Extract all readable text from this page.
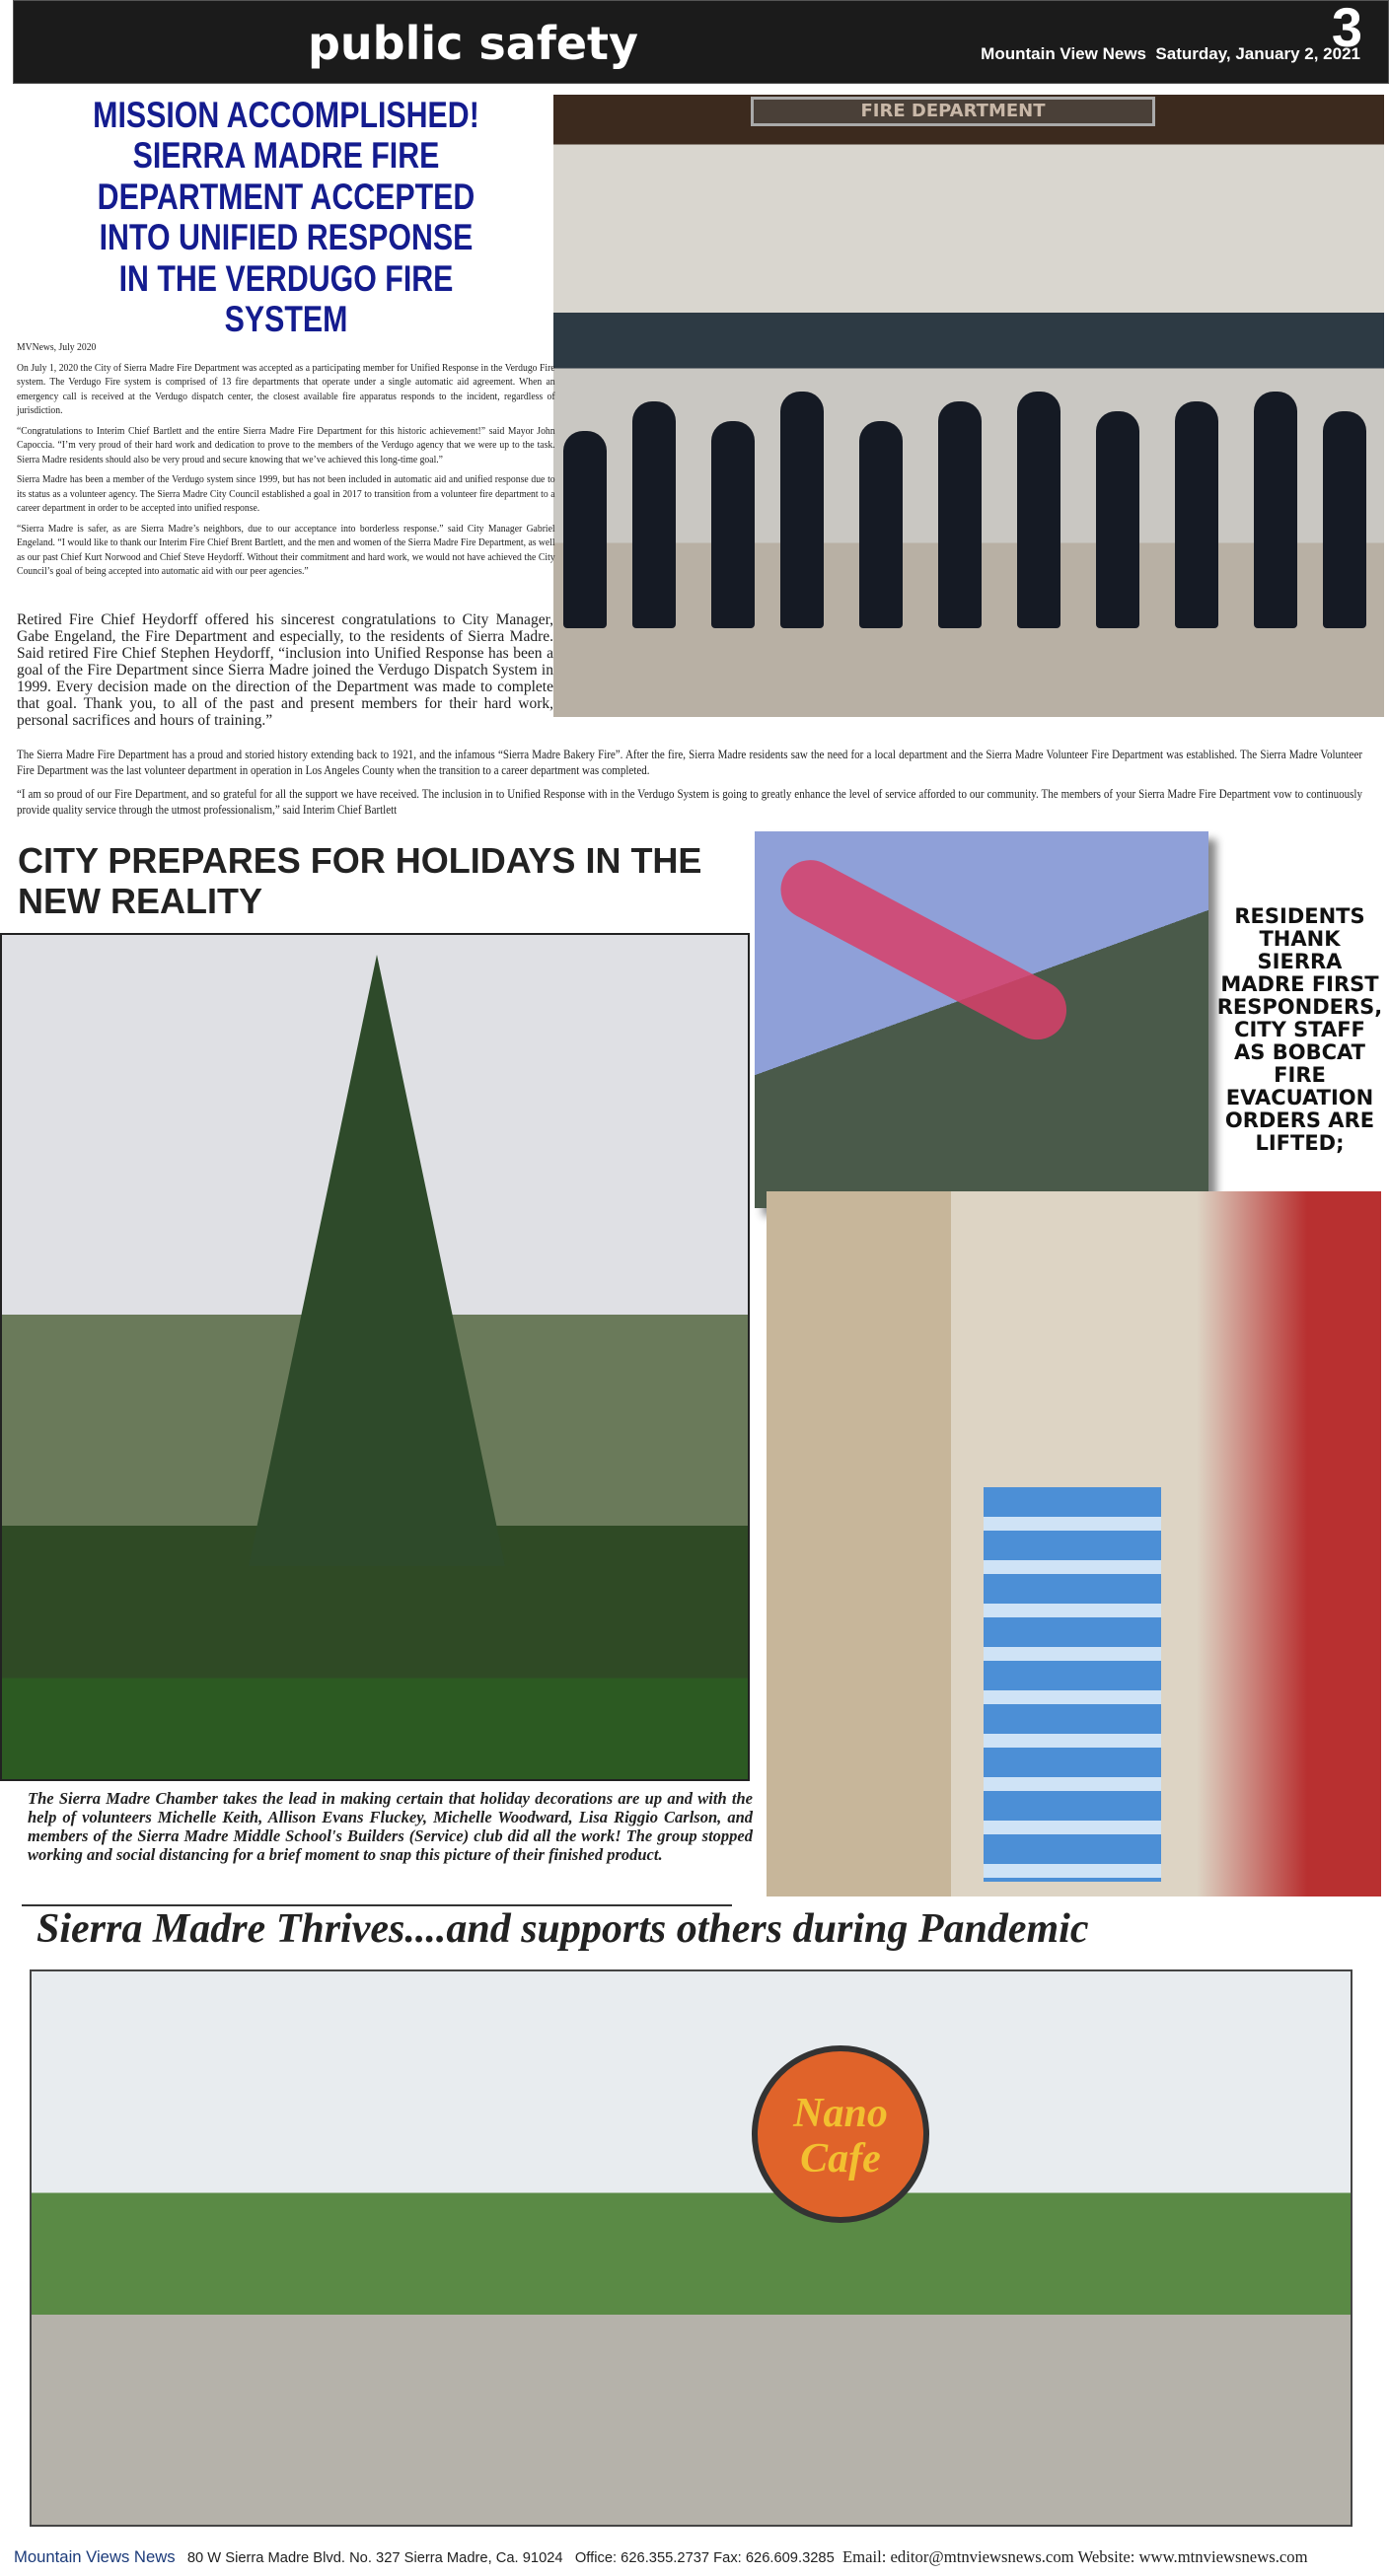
public safety	3
Mountain View News Saturday, January 2, 2021
MISSION ACCOMPLISHED! SIERRA MADRE FIRE DEPARTMENT ACCEPTED INTO UNIFIED RESPONSE IN THE VERDUGO FIRE SYSTEM
FIRE DEPARTMENT

MVNews, July 2020

On July 1, 2020 the City of Sierra Madre Fire Department was accepted as a participating member for Unified Response in the Verdugo Fire system. The Verdugo Fire system is comprised of 13 fire departments that operate under a single automatic aid agreement. When an emergency call is received at the Verdugo dispatch center, the closest available fire apparatus responds to the incident, regardless of jurisdiction.

“Congratulations to Interim Chief Bartlett and the entire Sierra Madre Fire Department for this historic achievement!” said Mayor John Capoccia. “I’m very proud of their hard work and dedication to prove to the members of the Verdugo agency that we were up to the task. Sierra Madre residents should also be very proud and secure knowing that we’ve achieved this long-time goal.”

Sierra Madre has been a member of the Verdugo system since 1999, but has not been included in automatic aid and unified response due to its status as a volunteer agency. The Sierra Madre City Council established a goal in 2017 to transition from a volunteer fire department to a career department in order to be accepted into unified response.

“Sierra Madre is safer, as are Sierra Madre’s neighbors, due to our acceptance into borderless response.” said City Manager Gabriel Engeland. “I would like to thank our Interim Fire Chief Brent Bartlett, and the men and women of the Sierra Madre Fire Department, as well as our past Chief Kurt Norwood and Chief Steve Heydorff. Without their commitment and hard work, we would not have achieved the City Council’s goal of being accepted into automatic aid with our peer agencies.”

Retired Fire Chief Heydorff offered his sincerest congratulations to City Manager, Gabe Engeland, the Fire Department and especially, to the residents of Sierra Madre. Said retired Fire Chief Stephen Heydorff, “inclusion into Unified Response has been a goal of the Fire Department since Sierra Madre joined the Verdugo Dispatch System in 1999. Every decision made on the direction of the Department was made to complete that goal. Thank you, to all of the past and present members for their hard work, personal sacrifices and hours of training.”

The Sierra Madre Fire Department has a proud and storied history extending back to 1921, and the infamous “Sierra Madre Bakery Fire”. After the fire, Sierra Madre residents saw the need for a local department and the Sierra Madre Volunteer Fire Department was established. The Sierra Madre Volunteer Fire Department was the last volunteer department in operation in Los Angeles County when the transition to a career department was completed.

“I am so proud of our Fire Department, and so grateful for all the support we have received. The inclusion in to Unified Response with in the Verdugo System is going to greatly enhance the level of service afforded to our community. The members of your Sierra Madre Fire Department vow to continuously provide quality service through the utmost professionalism,” said Interim Chief Bartlett

CITY PREPARES FOR HOLIDAYS IN THE NEW REALITY	RESIDENTS THANK SIERRA MADRE FIRST RESPONDERS, CITY STAFF AS BOBCAT FIRE EVACUATION ORDERS ARE LIFTED;
The Sierra Madre Chamber takes the lead in making certain that holiday decorations are up and with the help of volunteers Michelle Keith, Allison Evans Fluckey, Michelle Woodward, Lisa Riggio Carlson, and members of the Sierra Madre Middle School's Builders (Service) club did all the work! The group stopped working and social distancing for a brief moment to snap this picture of their finished product.
Sierra Madre Thrives....and supports others during Pandemic
Nano Cafe
Mountain Views News 80 W Sierra Madre Blvd. No. 327 Sierra Madre, Ca. 91024 Office: 626.355.2737 Fax: 626.609.3285 Email: editor@mtnviewsnews.com Website: www.mtnviewsnews.com
